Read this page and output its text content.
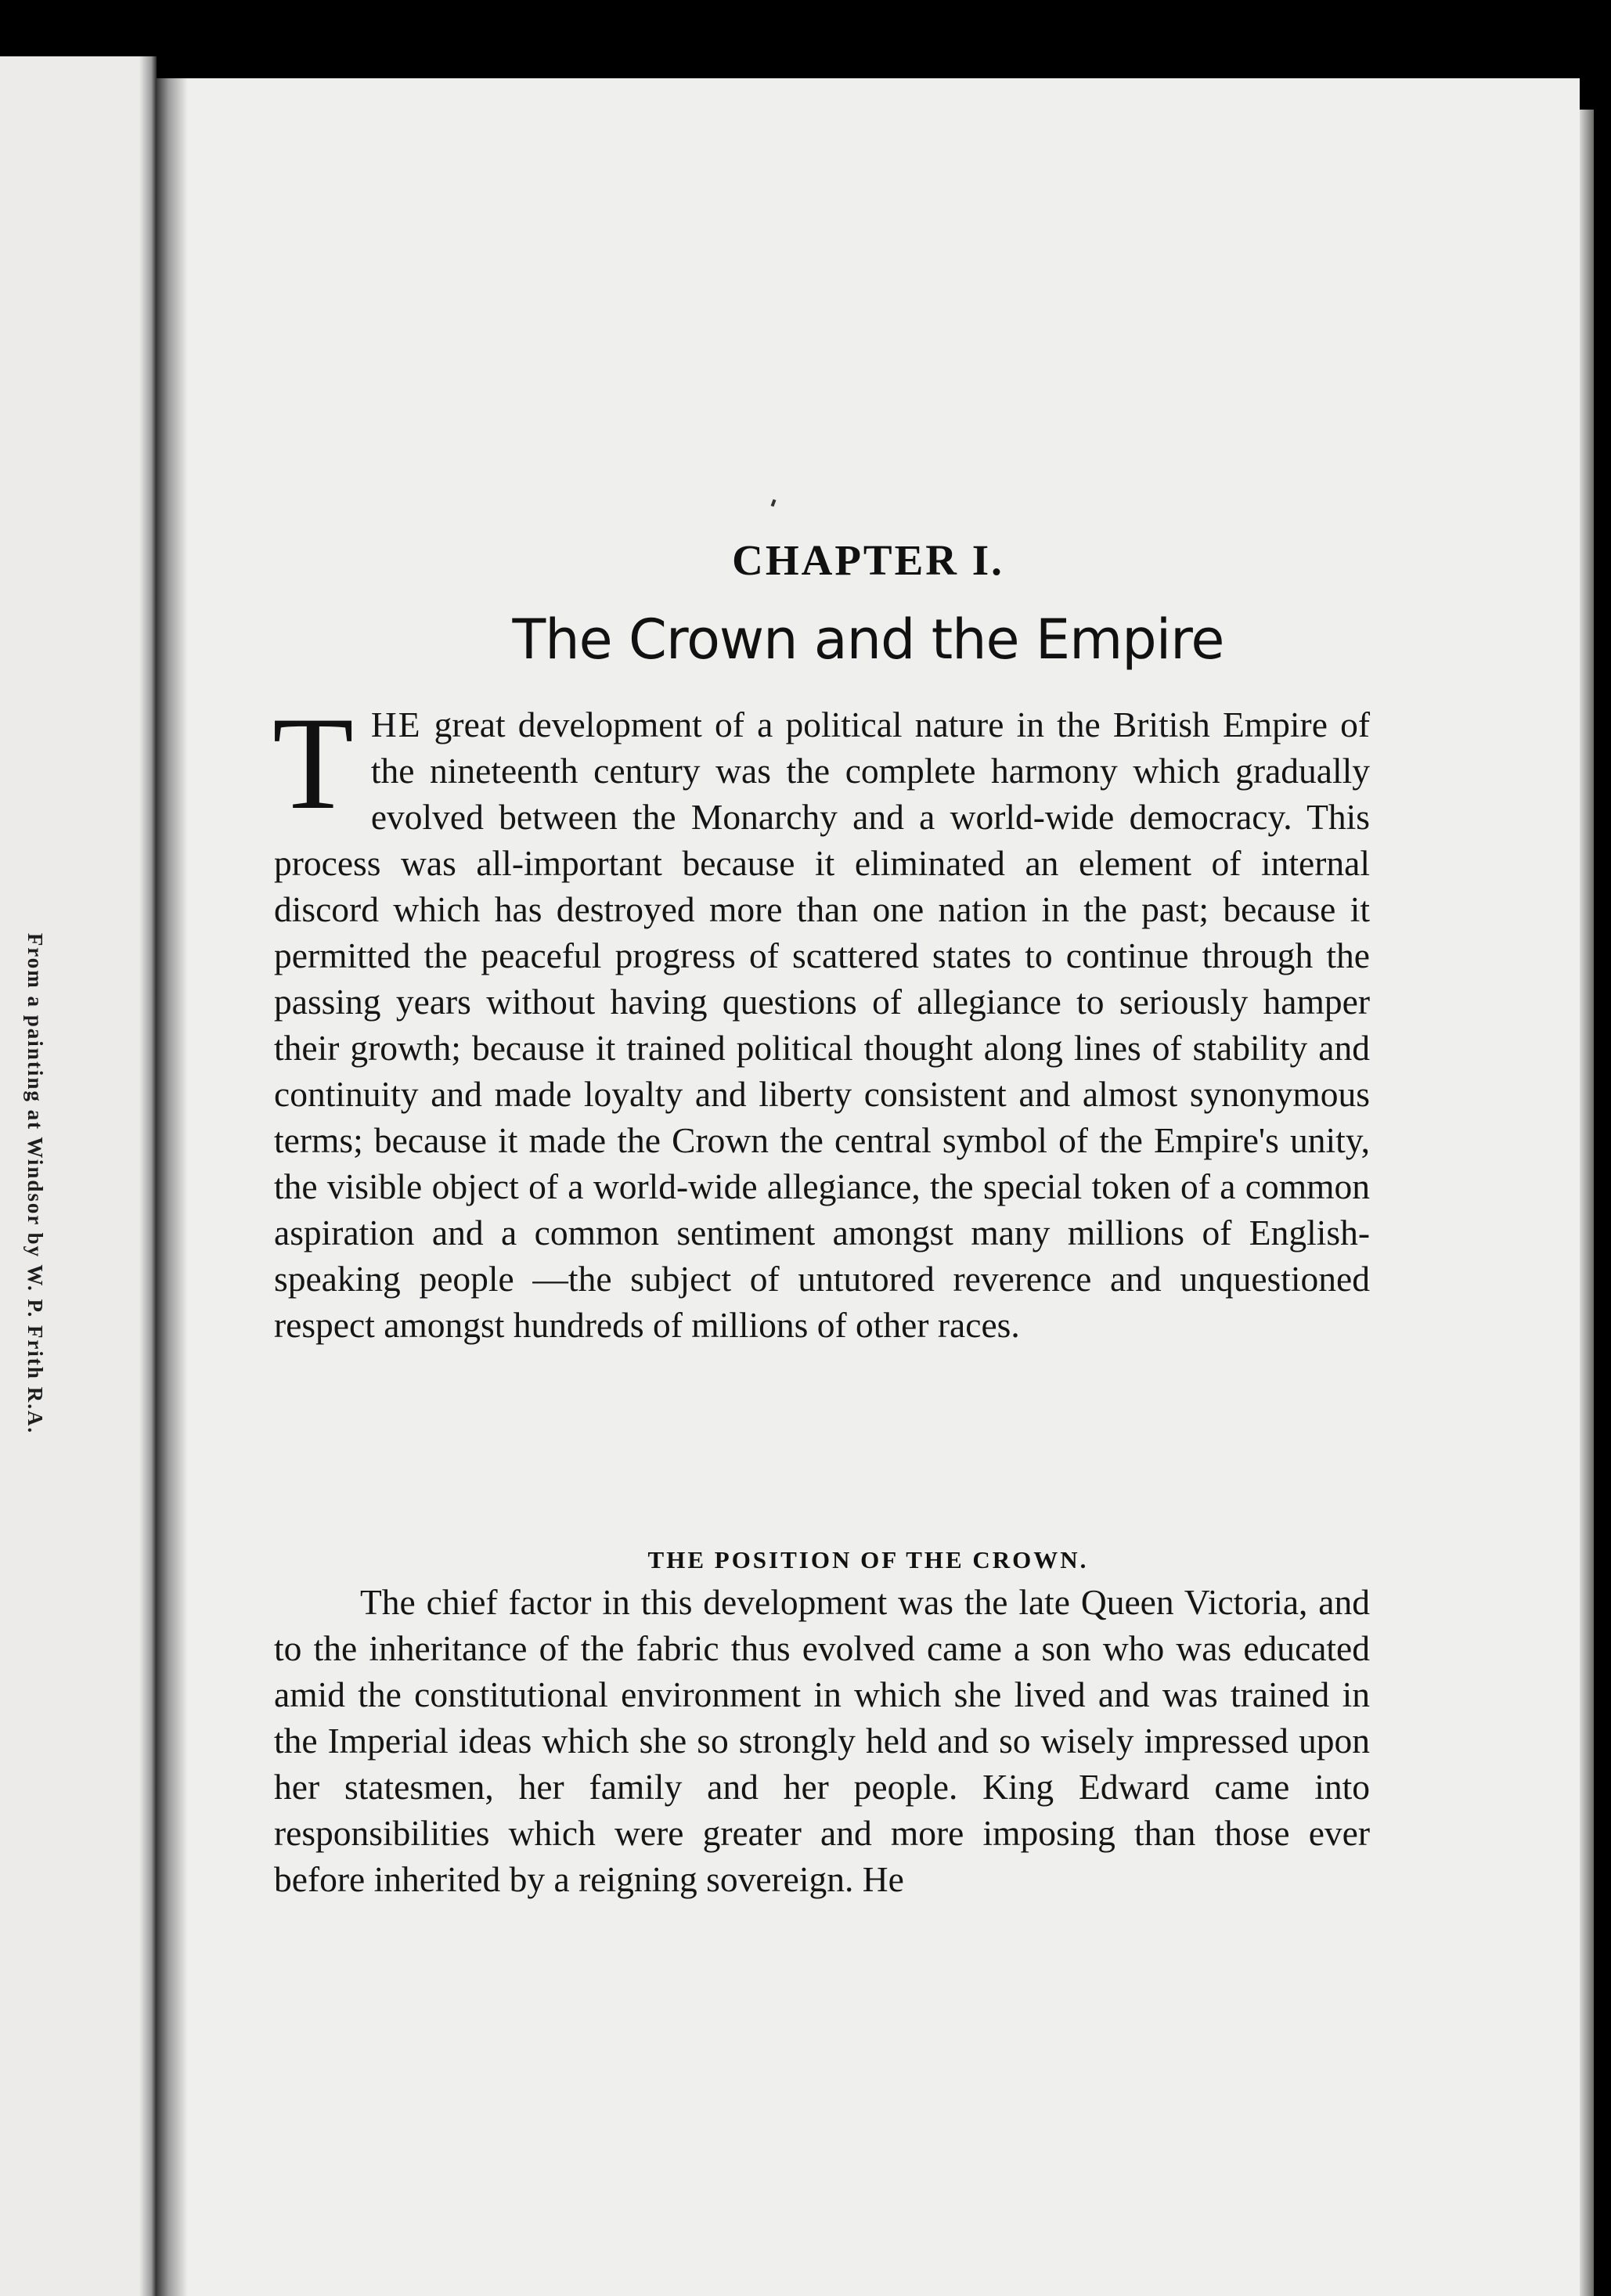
From a painting at Windsor by W. P. Frith R.A.
CHAPTER I.
The Crown and the Empire

THE great development of a political nature in the British Empire of the nineteenth century was the complete harmony which gradually evolved between the Monarchy and a world-wide democracy. This process was all-important because it eliminated an element of internal discord which has destroyed more than one nation in the past; because it permitted the peaceful progress of scattered states to continue through the passing years without having questions of allegiance to seriously hamper their growth; because it trained political thought along lines of stability and continuity and made loyalty and liberty consistent and almost synonymous terms; because it made the Crown the central symbol of the Empire's unity, the visible object of a world-wide allegiance, the special token of a common aspiration and a common sentiment amongst many millions of English-speaking people —the subject of untutored reverence and unquestioned respect amongst hundreds of millions of other races.

THE POSITION OF THE CROWN.

The chief factor in this development was the late Queen Victoria, and to the inheritance of the fabric thus evolved came a son who was educated amid the constitutional environment in which she lived and was trained in the Imperial ideas which she so strongly held and so wisely impressed upon her statesmen, her family and her people. King Edward came into responsibilities which were greater and more imposing than those ever before inherited by a reigning sovereign. He
